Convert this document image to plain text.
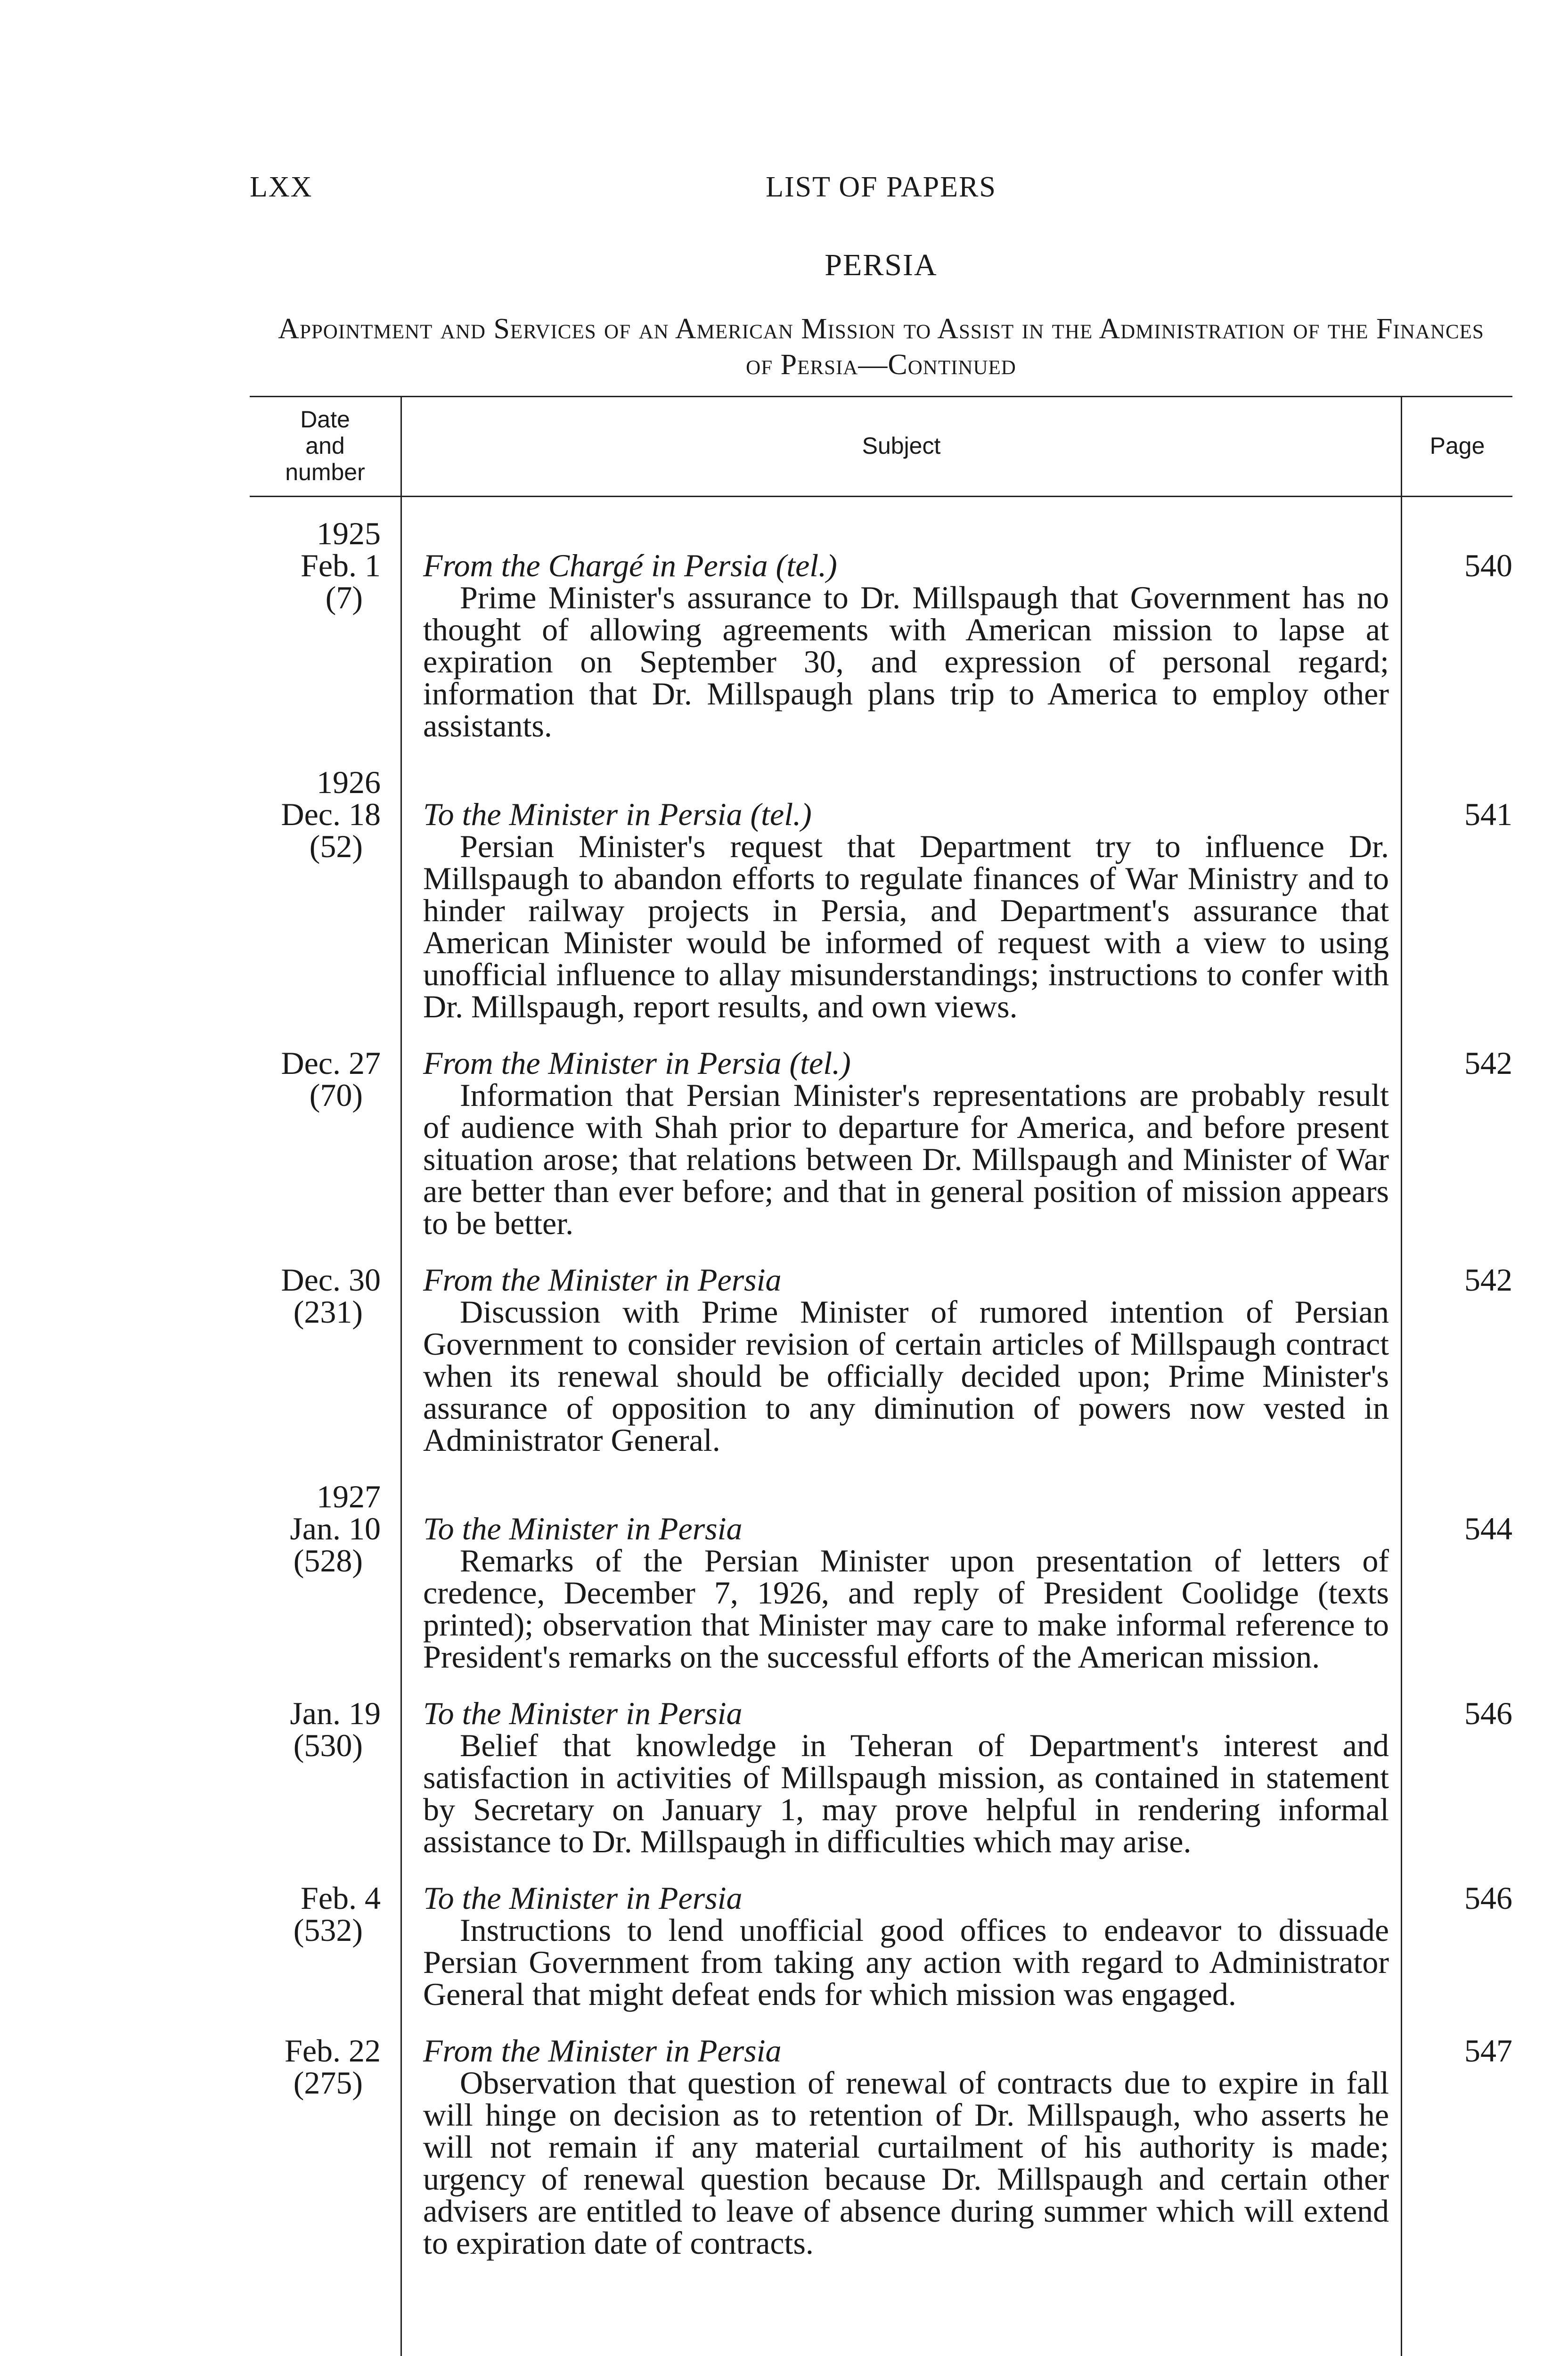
LXX	LIST OF PAPERS
PERSIA
Appointment and Services of an American Mission to Assist in the Administration of the Finances of Persia—Continued
Date and number
Subject	Page
1925
Feb. 1
(7)
From the Chargé in Persia (tel.)
Prime Minister's assurance to Dr. Millspaugh that Government has no thought of allowing agreements with American mission to lapse at expiration on September 30, and expression of personal regard; information that Dr. Millspaugh plans trip to America to employ other assistants.
540
1926
Dec. 18
(52)
To the Minister in Persia (tel.)
Persian Minister's request that Department try to influence Dr. Millspaugh to abandon efforts to regulate finances of War Ministry and to hinder railway projects in Persia, and Department's assurance that American Minister would be informed of request with a view to using unofficial influence to allay misunderstandings; instructions to confer with Dr. Millspaugh, report results, and own views.
541
Dec. 27
(70)
From the Minister in Persia (tel.)
Information that Persian Minister's representations are probably result of audience with Shah prior to departure for America, and before present situation arose; that relations between Dr. Millspaugh and Minister of War are better than ever before; and that in general position of mission appears to be better.
542
Dec. 30
(231)
From the Minister in Persia
Discussion with Prime Minister of rumored intention of Persian Government to consider revision of certain articles of Millspaugh contract when its renewal should be officially decided upon; Prime Minister's assurance of opposition to any diminution of powers now vested in Administrator General.
542
1927
Jan. 10
(528)
To the Minister in Persia
Remarks of the Persian Minister upon presentation of letters of credence, December 7, 1926, and reply of President Coolidge (texts printed); observation that Minister may care to make informal reference to President's remarks on the successful efforts of the American mission.
544
Jan. 19
(530)
To the Minister in Persia
Belief that knowledge in Teheran of Department's interest and satisfaction in activities of Millspaugh mission, as contained in statement by Secretary on January 1, may prove helpful in rendering informal assistance to Dr. Millspaugh in difficulties which may arise.
546
Feb. 4
(532)
To the Minister in Persia
Instructions to lend unofficial good offices to endeavor to dissuade Persian Government from taking any action with regard to Administrator General that might defeat ends for which mission was engaged.
546
Feb. 22
(275)
From the Minister in Persia
Observation that question of renewal of contracts due to expire in fall will hinge on decision as to retention of Dr. Millspaugh, who asserts he will not remain if any material curtailment of his authority is made; urgency of renewal question because Dr. Millspaugh and certain other advisers are entitled to leave of absence during summer which will extend to expiration date of contracts.
547
